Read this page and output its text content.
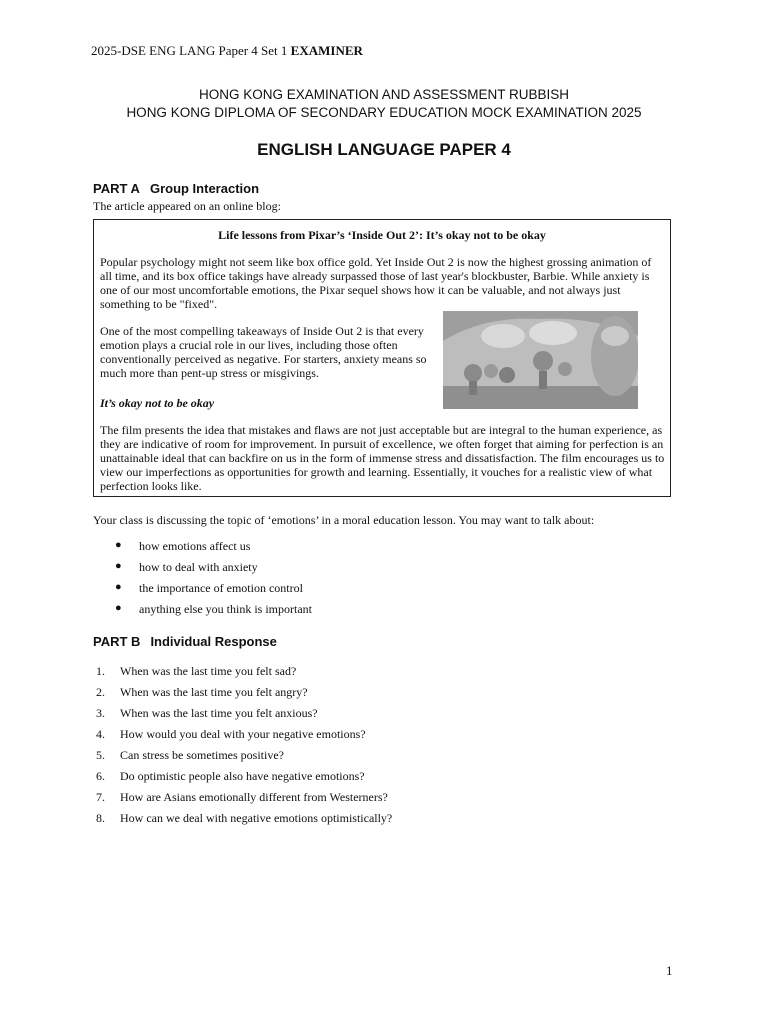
2025-DSE ENG LANG Paper 4 Set 1 EXAMINER
HONG KONG EXAMINATION AND ASSESSMENT RUBBISH
HONG KONG DIPLOMA OF SECONDARY EDUCATION MOCK EXAMINATION 2025
ENGLISH LANGUAGE PAPER 4
PART A Group Interaction
The article appeared on an online blog:
Life lessons from Pixar’s ‘Inside Out 2’: It’s okay not to be okay
Popular psychology might not seem like box office gold. Yet Inside Out 2 is now the highest grossing animation of all time, and its box office takings have already surpassed those of last year's blockbuster, Barbie. While anxiety is one of our most uncomfortable emotions, the Pixar sequel shows how it can be valuable, and not always just something to be "fixed".
One of the most compelling takeaways of Inside Out 2 is that every emotion plays a crucial role in our lives, including those often conventionally perceived as negative. For starters, anxiety means so much more than pent-up stress or misgivings.
It’s okay not to be okay
The film presents the idea that mistakes and flaws are not just acceptable but are integral to the human experience, as they are indicative of room for improvement. In pursuit of excellence, we often forget that aiming for perfection is an unattainable ideal that can backfire on us in the form of immense stress and dissatisfaction. The film encourages us to view our imperfections as opportunities for growth and learning. Essentially, it vouches for a realistic view of what perfection looks like.
Your class is discussing the topic of ‘emotions’ in a moral education lesson. You may want to talk about:
●	how emotions affect us
●	how to deal with anxiety
●	the importance of emotion control
●	anything else you think is important
PART B Individual Response
1.	When was the last time you felt sad?
2.	When was the last time you felt angry?
3.	When was the last time you felt anxious?
4.	How would you deal with your negative emotions?
5.	Can stress be sometimes positive?
6.	Do optimistic people also have negative emotions?
7.	How are Asians emotionally different from Westerners?
8.	How can we deal with negative emotions optimistically?
1
